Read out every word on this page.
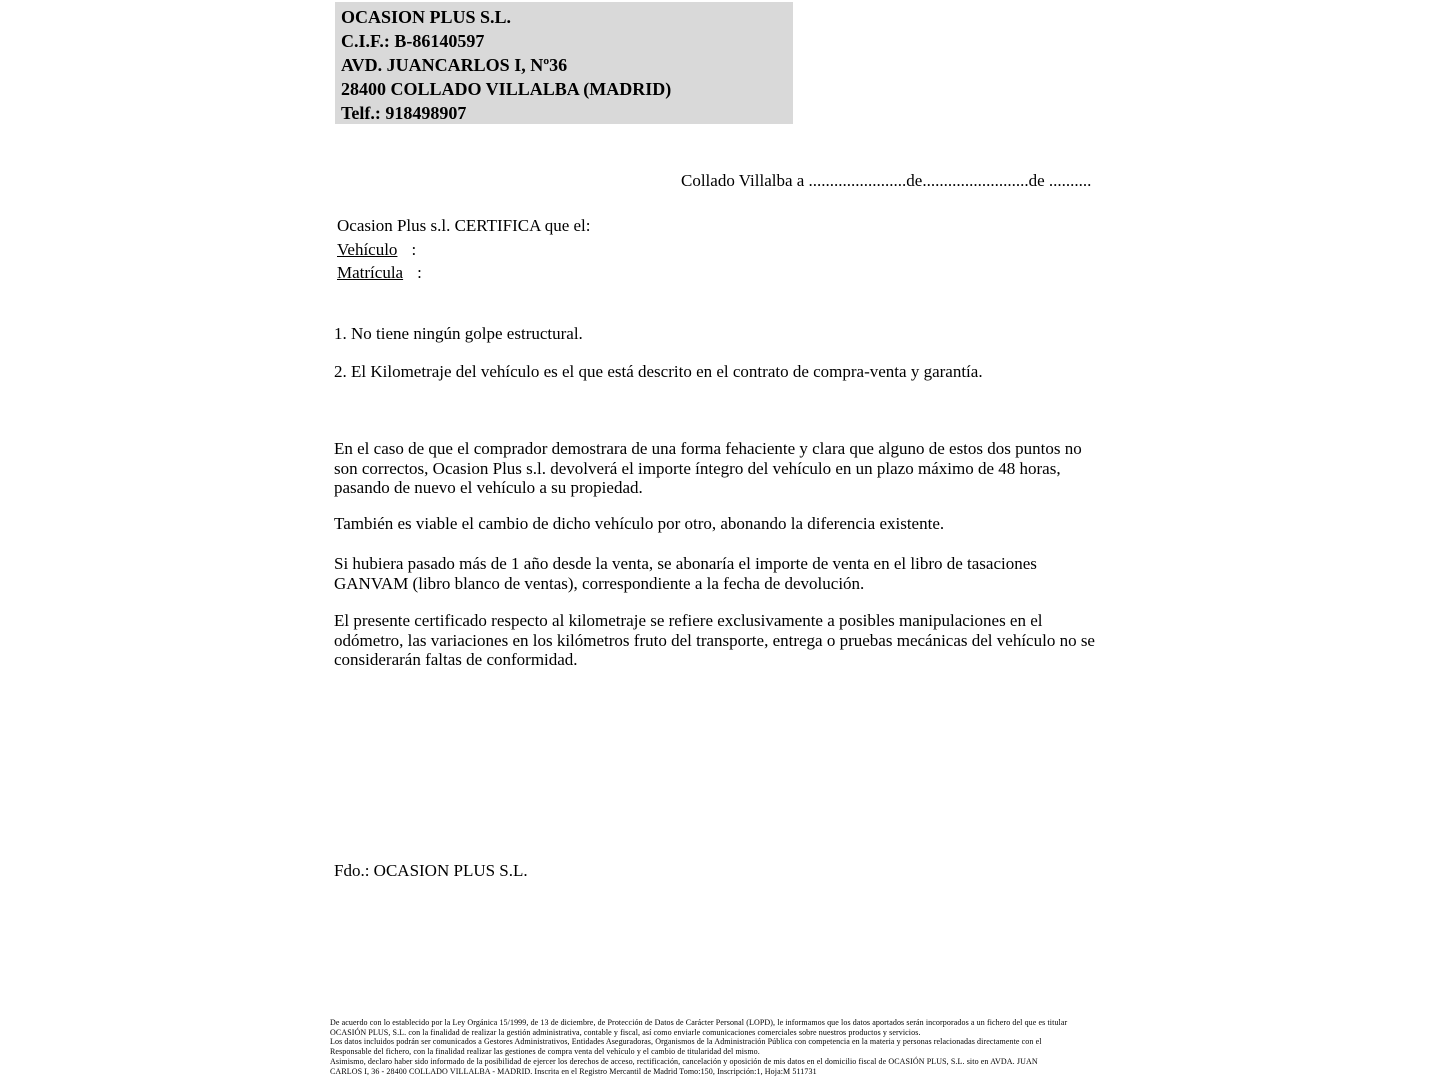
OCASION PLUS S.L.
C.I.F.: B-86140597
AVD. JUANCARLOS I, Nº36
28400 COLLADO VILLALBA (MADRID)
Telf.: 918498907
Collado Villalba a .......................de.........................de ..........
Ocasion Plus s.l. CERTIFICA que el:
Vehículo :
Matrícula :
1. No tiene ningún golpe estructural.
2. El Kilometraje del vehículo es el que está descrito en el contrato de compra-venta y garantía.
En el caso de que el comprador demostrara de una forma fehaciente y clara que alguno de estos dos puntos no son correctos, Ocasion Plus s.l. devolverá el importe íntegro del vehículo en un plazo máximo de 48 horas, pasando de nuevo el vehículo a su propiedad.
También es viable el cambio de dicho vehículo por otro, abonando la diferencia existente.
Si hubiera pasado más de 1 año desde la venta, se abonaría el importe de venta en el libro de tasaciones GANVAM (libro blanco de ventas), correspondiente a la fecha de devolución.
El presente certificado respecto al kilometraje se refiere exclusivamente a posibles manipulaciones en el odómetro, las variaciones en los kilómetros fruto del transporte, entrega o pruebas mecánicas del vehículo no se considerarán faltas de conformidad.
Fdo.: OCASION PLUS S.L.
De acuerdo con lo establecido por la Ley Orgánica 15/1999, de 13 de diciembre, de Protección de Datos de Carácter Personal (LOPD), le informamos que los datos aportados serán incorporados a un fichero del que es titular
OCASIÓN PLUS, S.L. con la finalidad de realizar la gestión administrativa, contable y fiscal, así como enviarle comunicaciones comerciales sobre nuestros productos y servicios.
Los datos incluidos podrán ser comunicados a Gestores Administrativos, Entidades Aseguradoras, Organismos de la Administración Pública con competencia en la materia y personas relacionadas directamente con el
Responsable del fichero, con la finalidad realizar las gestiones de compra venta del vehículo y el cambio de titularidad del mismo.
Asimismo, declaro haber sido informado de la posibilidad de ejercer los derechos de acceso, rectificación, cancelación y oposición de mis datos en el domicilio fiscal de OCASIÓN PLUS, S.L. sito en AVDA. JUAN
CARLOS I, 36 - 28400 COLLADO VILLALBA - MADRID. Inscrita en el Registro Mercantil de Madrid Tomo:150, Inscripción:1, Hoja:M 511731
